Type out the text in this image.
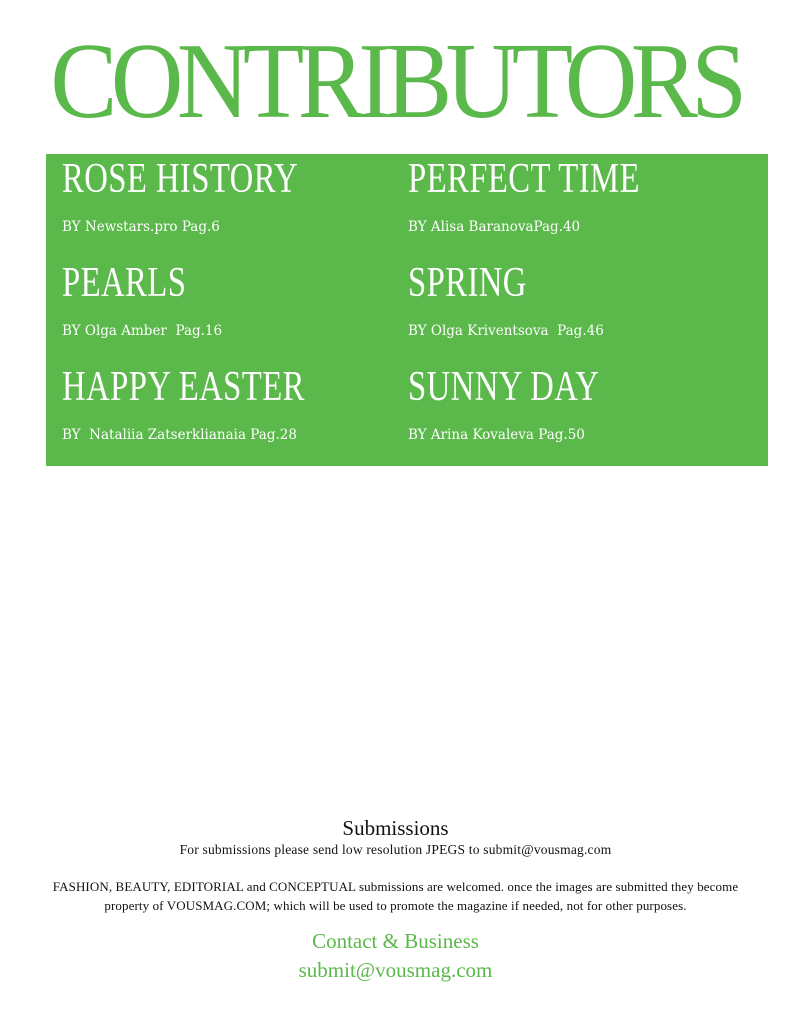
CONTRIBUTORS
ROSE HISTORY
BY Newstars.pro Pag.6
PERFECT TIME
BY Alisa BaranovaPag.40
PEARLS
BY Olga Amber  Pag.16
SPRING
BY Olga Kriventsova  Pag.46
HAPPY EASTER
BY  Nataliia Zatserklianaia Pag.28
SUNNY DAY
BY Arina Kovaleva Pag.50
Submissions
For submissions please send low resolution JPEGS to submit@vousmag.com
FASHION, BEAUTY, EDITORIAL and CONCEPTUAL submissions are welcomed. once the images are submitted they become property of VOUSMAG.COM; which will be used to promote the magazine if needed, not for other purposes.
Contact & Business
submit@vousmag.com
